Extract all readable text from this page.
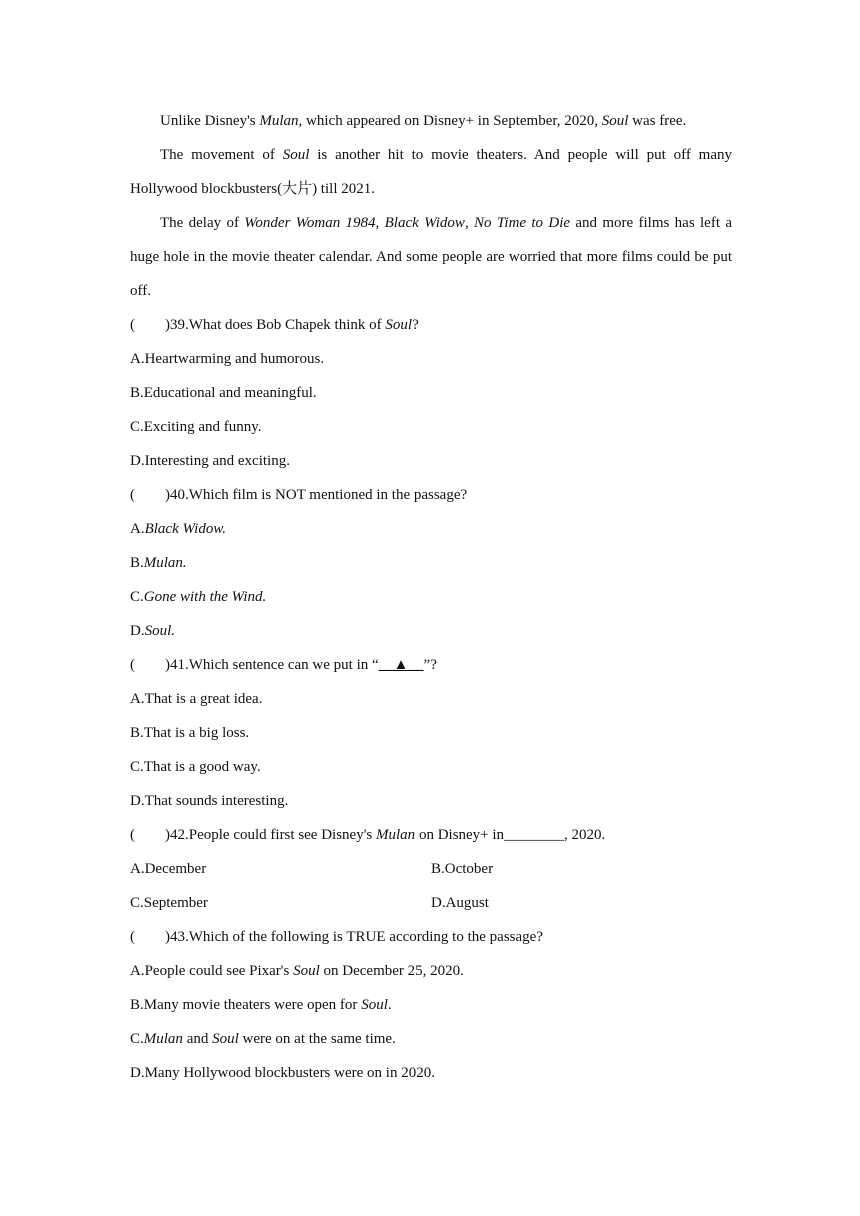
Unlike Disney's Mulan, which appeared on Disney+ in September, 2020, Soul was free.

The movement of Soul is another hit to movie theaters. And people will put off many Hollywood blockbusters(大片) till 2021.

The delay of Wonder Woman 1984, Black Widow, No Time to Die and more films has left a huge hole in the movie theater calendar. And some people are worried that more films could be put off.

( )39.What does Bob Chapek think of Soul?
A.Heartwarming and humorous.
B.Educational and meaningful.
C.Exciting and funny.
D.Interesting and exciting.
( )40.Which film is NOT mentioned in the passage?
A.Black Widow.
B.Mulan.
C.Gone with the Wind.
D.Soul.
( )41.Which sentence can we put in “__▲__”?
A.That is a great idea.
B.That is a big loss.
C.That is a good way.
D.That sounds interesting.
( )42.People could first see Disney's Mulan on Disney+ in________, 2020.
A.December	B.October
C.September	D.August
( )43.Which of the following is TRUE according to the passage?
A.People could see Pixar's Soul on December 25, 2020.
B.Many movie theaters were open for Soul.
C.Mulan and Soul were on at the same time.
D.Many Hollywood blockbusters were on in 2020.
